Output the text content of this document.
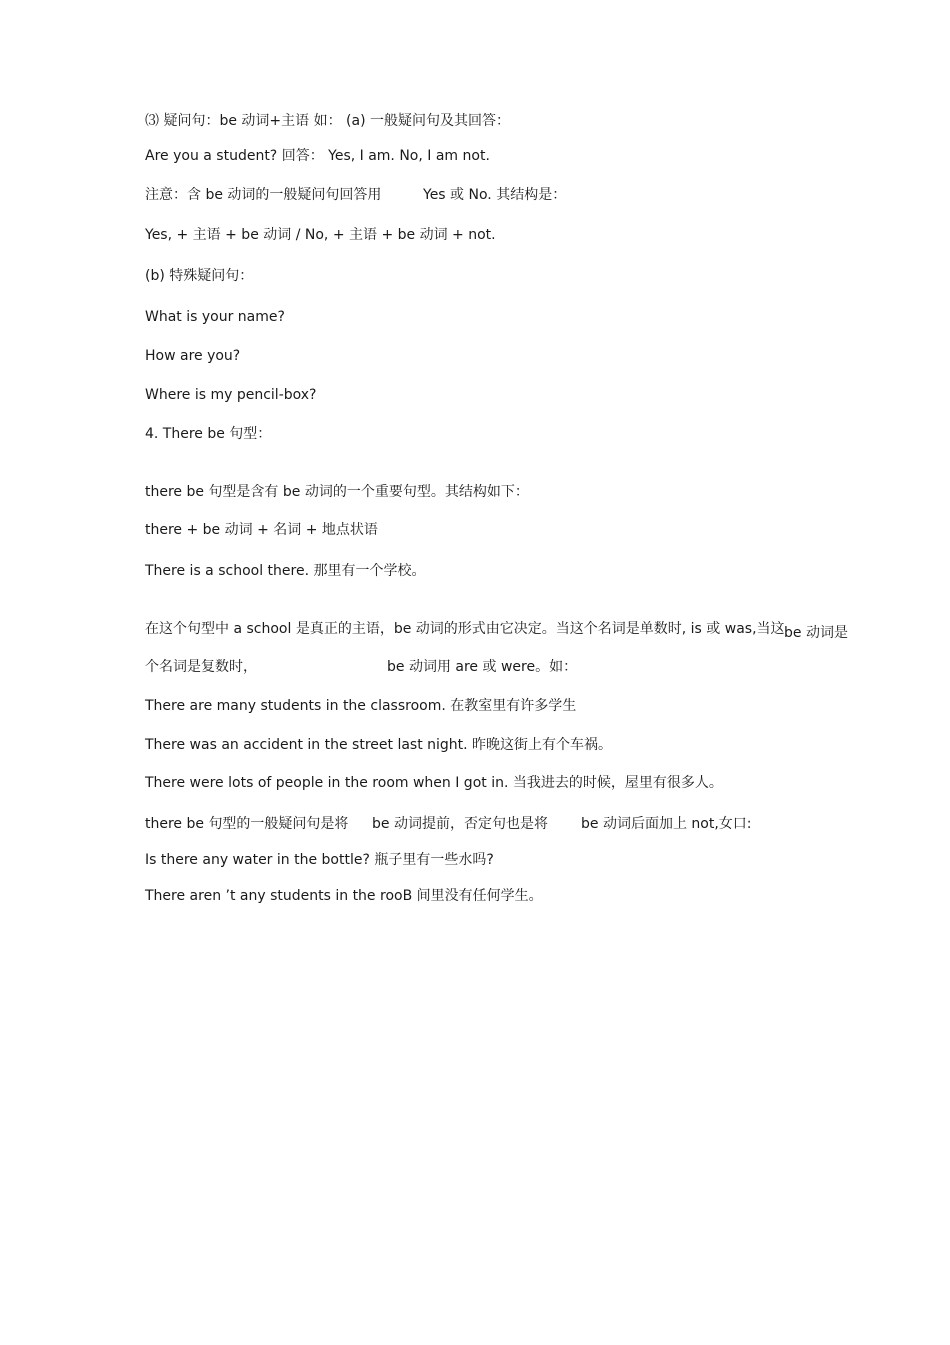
⑶ 疑问句：be 动词+主语 如： (a) 一般疑问句及其回答：

Are you a student? 回答： Yes, I am. No, I am not.

注意：含 be 动词的一般疑问句回答用	Yes 或 No. 其结构是：

Yes, + 主语 + be 动词 / No, + 主语 + be 动词 + not.

(b) 特殊疑问句：

What is your name?

How are you?

Where is my pencil-box?

4. There be 句型：

there be 句型是含有 be 动词的一个重要句型。其结构如下：

there + be 动词 + 名词 + 地点状语

There is a school there. 那里有一个学校。

在这个句型中 a school 是真正的主语，be 动词的形式由它决定。当这个名词是单数时, is 或 was,当这 be 动词是

个名词是复数时，	be 动词用 are 或 were。如：

There are many students in the classroom. 在教室里有许多学生

There was an accident in the street last night. 昨晚这街上有个车祸。

There were lots of people in the room when I got in. 当我进去的时候，屋里有很多人。

there be 句型的一般疑问句是将 be 动词提前，否定句也是将 be 动词后面加上 not,女口:

Is there any water in the bottle? 瓶子里有一些水吗?

There aren ’t any students in the rooB 间里没有任何学生。
